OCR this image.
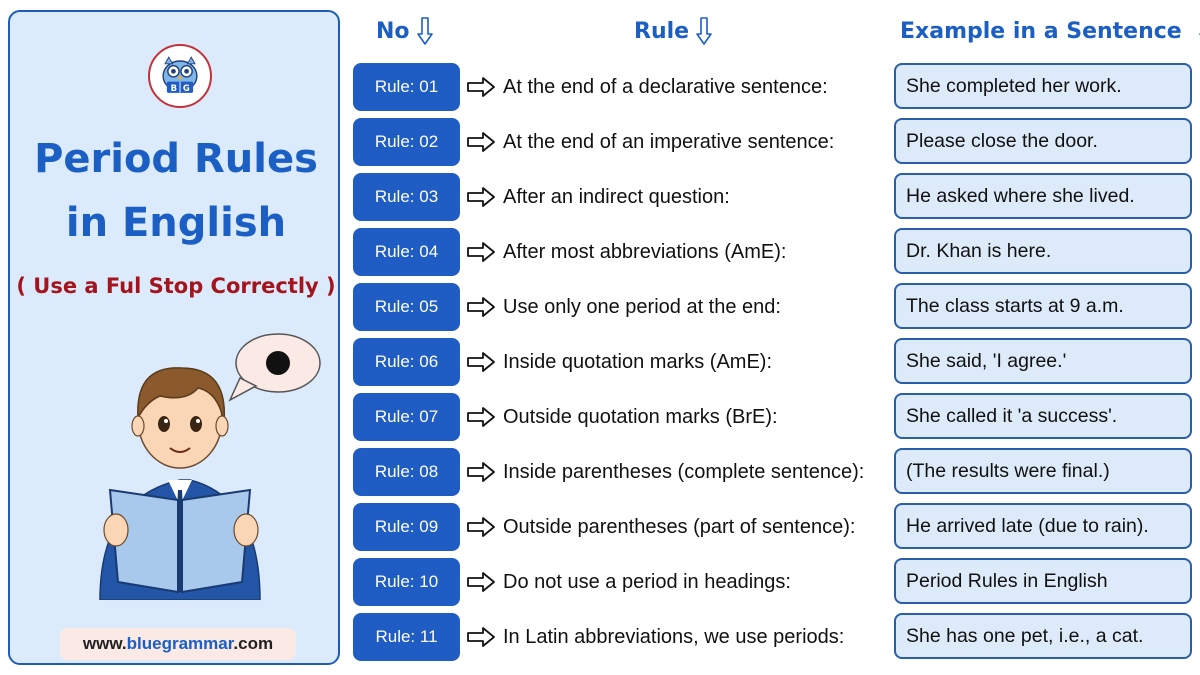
B G
Period Rules
in English
( Use a Ful Stop Correctly )
www.bluegrammar.com
No	Rule	Example in a Sentence
Rule: 01	At the end of a declarative sentence:	She completed her work.
Rule: 02	At the end of an imperative sentence:	Please close the door.
Rule: 03	After an indirect question:	He asked where she lived.
Rule: 04	After most abbreviations (AmE):	Dr. Khan is here.
Rule: 05	Use only one period at the end:	The class starts at 9 a.m.
Rule: 06	Inside quotation marks (AmE):	She said, 'I agree.'
Rule: 07	Outside quotation marks (BrE):	She called it 'a success'.
Rule: 08	Inside parentheses (complete sentence):	(The results were final.)
Rule: 09	Outside parentheses (part of sentence):	He arrived late (due to rain).
Rule: 10	Do not use a period in headings:	Period Rules in English
Rule: 11	In Latin abbreviations, we use periods:	She has one pet, i.e., a cat.
